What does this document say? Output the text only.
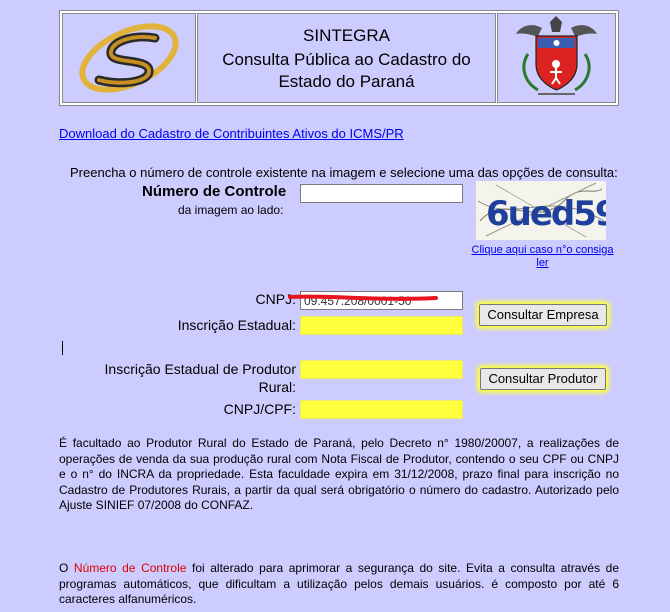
SINTEGRA
Consulta Pública ao Cadastro do
Estado do Paraná
Download do Cadastro de Contribuintes Ativos do ICMS/PR
Preencha o número de controle existente na imagem e selecione uma das opções de consulta:
Número de Controle
da imagem ao lado:	6ued59
Clique aqui caso n°o consiga ler
CNPJ:
09.457.208/0001-50
Inscrição Estadual:
Consultar Empresa
Inscrição Estadual de Produtor
Rural:
Consultar Produtor
CNPJ/CPF:
É facultado ao Produtor Rural do Estado de Paraná, pelo Decreto n° 1980/20007, a realizações de operações de venda da sua produção rural com Nota Fiscal de Produtor, contendo o seu CPF ou CNPJ e o n° do INCRA da propriedade. Esta faculdade expira em 31/12/2008, prazo final para inscrição no Cadastro de Produtores Rurais, a partir da qual será obrigatório o número do cadastro. Autorizado pelo Ajuste SINIEF 07/2008 do CONFAZ.
O Número de Controle foi alterado para aprimorar a segurança do site. Evita a consulta através de programas automáticos, que dificultam a utilização pelos demais usuários. é composto por até 6 caracteres alfanuméricos.
